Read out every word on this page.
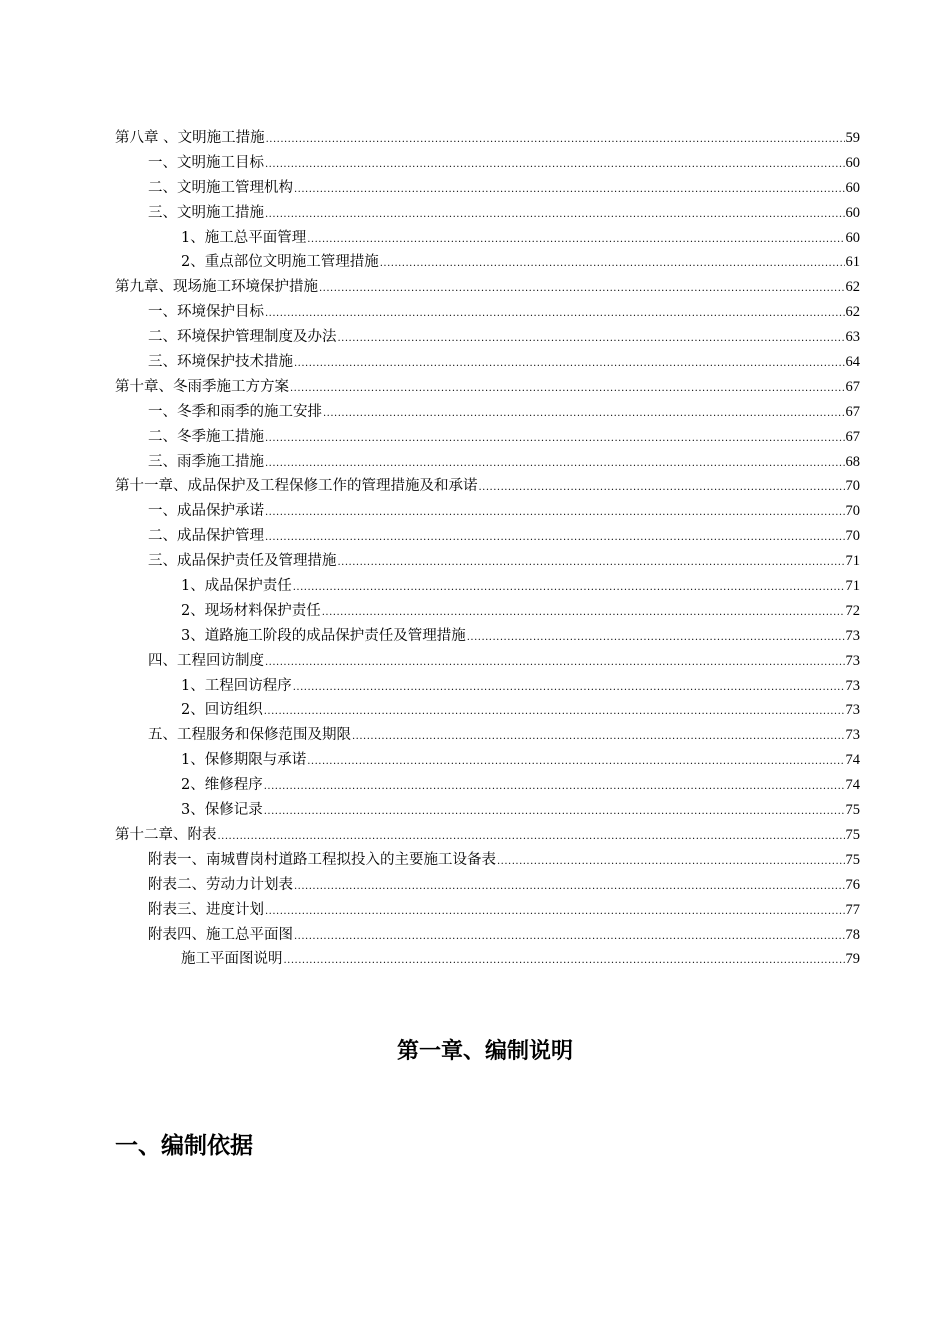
第八章 、文明施工措施 .....	59
一、文明施工目标 .....	60
二、文明施工管理机构 .....	60
三、文明施工措施 .....	60
1、施工总平面管理 .....	60
2、重点部位文明施工管理措施 .....	61
第九章、现场施工环境保护措施 .....	62
一、环境保护目标 .....	62
二、环境保护管理制度及办法 .....	63
三、环境保护技术措施 .....	64
第十章、冬雨季施工方方案 .....	67
一、冬季和雨季的施工安排 .....	67
二、冬季施工措施 .....	67
三、雨季施工措施 .....	68
第十一章、成品保护及工程保修工作的管理措施及和承诺 .....	70
一、成品保护承诺 .....	70
二、成品保护管理 .....	70
三、成品保护责任及管理措施 .....	71
1、成品保护责任 .....	71
2、现场材料保护责任 .....	72
3、道路施工阶段的成品保护责任及管理措施 .....	73
四、工程回访制度 .....	73
1、工程回访程序 .....	73
2、回访组织 .....	73
五、工程服务和保修范围及期限 .....	73
1、保修期限与承诺 .....	74
2、维修程序 .....	74
3、保修记录 .....	75
第十二章、附表 .....	75
附表一、南城曹岗村道路工程拟投入的主要施工设备表 .....	75
附表二、劳动力计划表 .....	76
附表三、进度计划 .....	77
附表四、施工总平面图 .....	78
施工平面图说明 .....	79
第一章、编制说明
一、编制依据
